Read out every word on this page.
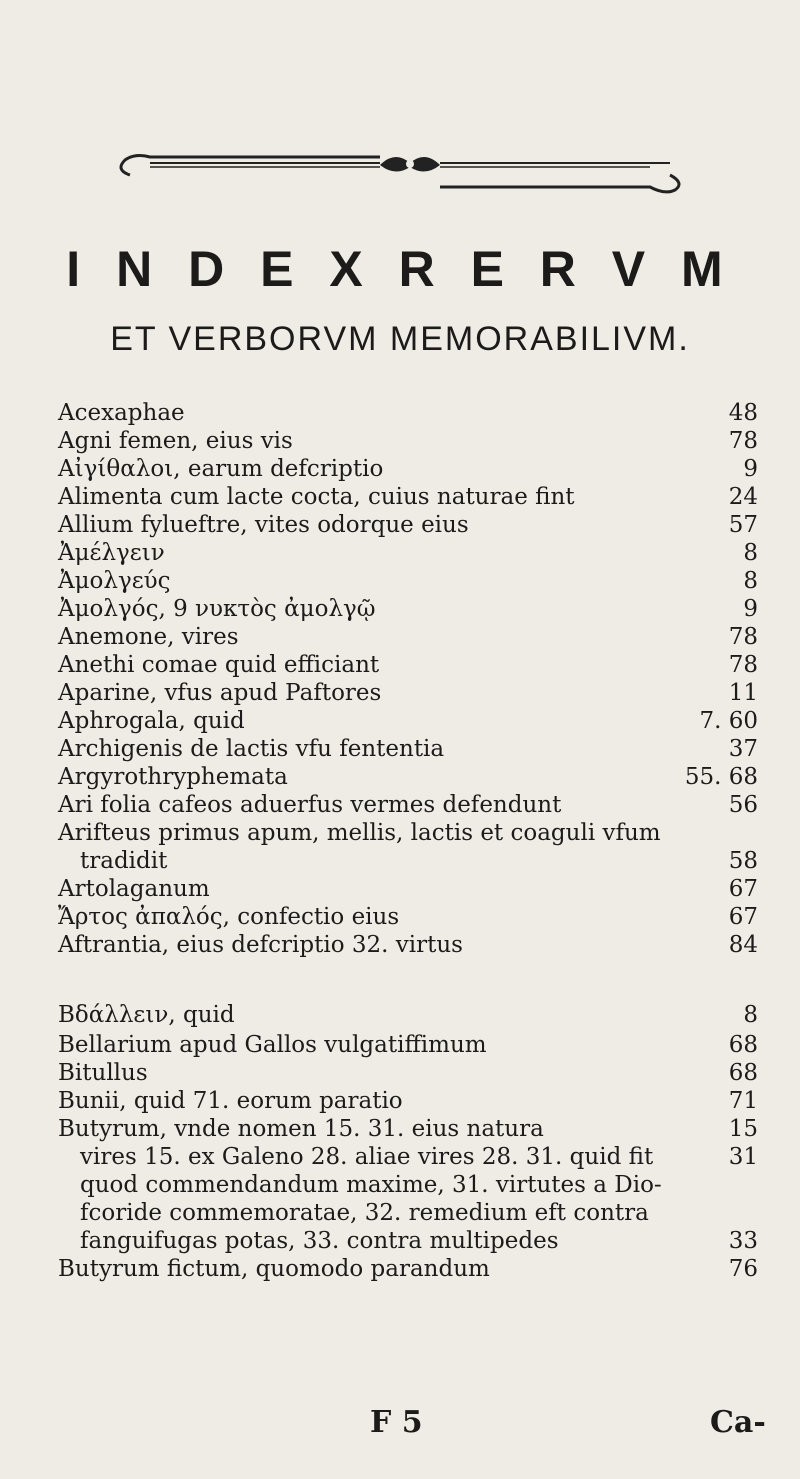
I N D E X R E R V M
ET VERBORVM MEMORABILIVM.
Acexaphae	48
Agni femen, eius vis	78
Αἰγίθαλοι, earum defcriptio	9
Alimenta cum lacte cocta, cuius naturae fint	24
Allium fylueftre, vites odorque eius	57
Ἀμέλγειν	8
Ἀμολγεύς	8
Ἀμολγός, 9 νυκτὸς ἀμολγῷ	9
Anemone, vires	78
Anethi comae quid efficiant	78
Aparine, vfus apud Paftores	11
Aphrogala, quid	7. 60
Archigenis de lactis vfu fententia	37
Argyrothryphemata	55. 68
Ari folia cafeos aduerfus vermes defendunt	56
Arifteus primus apum, mellis, lactis et coaguli vfum
tradidit	58
Artolaganum	67
Ἄρτος ἀπαλός, confectio eius	67
Aftrantia, eius defcriptio 32. virtus	84
Bδάλλειν, quid	8
Bellarium apud Gallos vulgatiffimum	68
Bitullus	68
Bunii, quid 71. eorum paratio	71
Butyrum, vnde nomen 15. 31. eius natura	15
vires 15. ex Galeno 28. aliae vires 28. 31. quid fit	31
quod commendandum maxime, 31. virtutes a Dio-
fcoride commemoratae, 32. remedium eft contra
fanguifugas potas, 33. contra multipedes	33
Butyrum fictum, quomodo parandum	76
F 5	Ca-
